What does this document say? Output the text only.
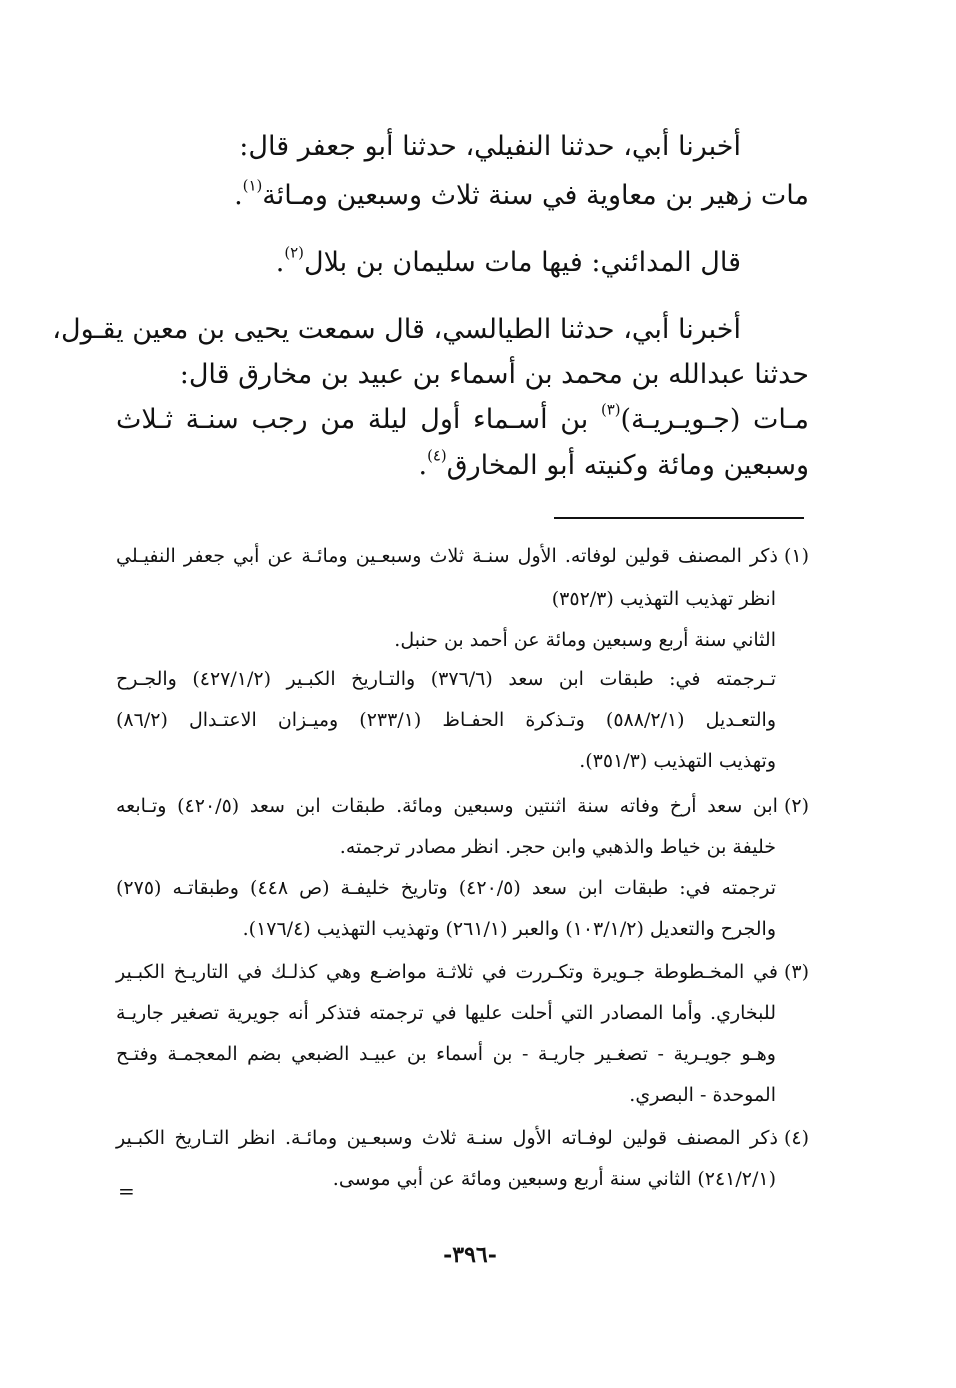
أخبرنا أبي، حدثنا النفيلي، حدثنا أبو جعفر قال:
مات زهير بن معاوية في سنة ثلاث وسبعين ومـائة$^{(١)}$.
قال المدائني: فيها مات سليمان بن بلال$^{(٢)}$.
أخبرنا أبي، حدثنا الطيالسي، قال سمعت يحيى بن معين يقـول،
حدثنا عبدالله بن محمد بن أسماء بن عبيد بن مخارق قال:
مـات (جـويـريـة)$^{(٣)}$ بن أسـماء أول ليلة من رجب سنـة ثـلاث
وسبعين ومائة وكنيته أبو المخارق$^{(٤)}$.
(١)ذكر المصنف قولين لوفاته. الأول سنـة ثلاث وسبعـين ومائـة عن أبي جعفر النفيـلي
انظر تهذيب التهذيب (٣٥٢/٣)
الثاني سنة أربع وسبعين ومائة عن أحمد بن حنبل.
تـرجمته في: طبقات ابن سعد (٣٧٦/٦) والتـاريخ الكبـير (٤٢٧/١/٢) والجـرح
والتعـديل (٥٨٨/٢/١) وتـذكرة الحفـاظ (٢٣٣/١) وميـزان الاعتـدال (٨٦/٢)
وتهذيب التهذيب (٣٥١/٣).
(٢)ابن سعد أرخ وفاته سنة اثنتين وسبعين ومائة. طبقات ابن سعد (٤٢٠/٥) وتـابعه
خليفة بن خياط والذهبي وابن حجر. انظر مصادر ترجمته.
ترجمته في: طبقات ابن سعد (٤٢٠/٥) وتاريخ خليفـة (ص ٤٤٨) وطبقاتـه (٢٧٥)
والجرح والتعديل (١٠٣/١/٢) والعبر (٢٦١/١) وتهذيب التهذيب (١٧٦/٤).
(٣)في المخـطوطة جـويرة وتكـررت في ثلاثـة مواضـع وهي كذلـك في التاريـخ الكبـير
للبخاري. وأما المصادر التي أحلت عليها في ترجمته فتذكر أنه جويرية تصغير جاريـة
وهـو جويـرية - تصغـير جاريـة - بن أسماء بن عبيـد الضبعي بضم المعجمـة وفتـح
الموحدة - البصري.
(٤)ذكر المصنف قولين لوفـاته الأول سنـة ثلاث وسبعـين ومائـة. انظر التـاريخ الكبـير
(٢٤١/٢/١) الثاني سنة أربع وسبعين ومائة عن أبي موسى.
=
-٣٩٦-
